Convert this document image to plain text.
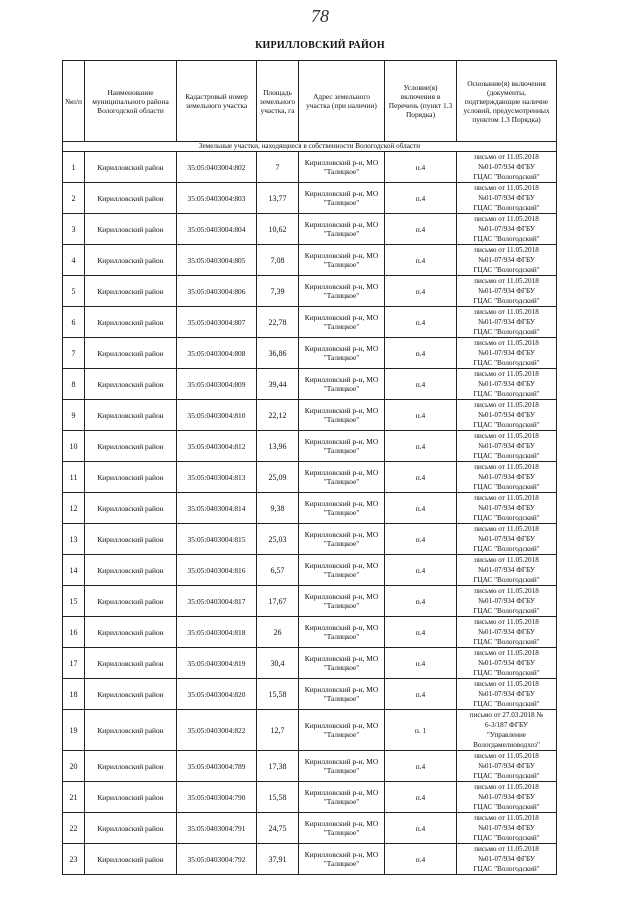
78
КИРИЛЛОВСКИЙ РАЙОН
№п/п	Наименование муниципального района Вологодской области	Кадастровый номер земельного участка	Площадь земельного участка, га	Адрес земельного участка (при наличии)	Условие(я) включения в Перечень (пункт 1.3 Порядка)	Основание(я) включения (документы, подтверждающие наличие условий, предусмотренных пунктом 1.3 Порядка)
Земельные участки, находящиеся в собственности Вологодской области						
1	Кирилловский район	35:05:0403004:802	7	Кирилловский р-н, МО "Талицкое"	п.4	письмо от 11.05.2018
№01-07/934 ФГБУ
ГЦАС "Вологодский"

2	Кирилловский район	35:05:0403004:803	13,77	Кирилловский р-н, МО "Талицкое"	п.4	письмо от 11.05.2018
№01-07/934 ФГБУ
ГЦАС "Вологодский"

3	Кирилловский район	35:05:0403004:804	10,62	Кирилловский р-н, МО "Талицкое"	п.4	письмо от 11.05.2018
№01-07/934 ФГБУ
ГЦАС "Вологодский"

4	Кирилловский район	35:05:0403004:805	7,08	Кирилловский р-н, МО "Талицкое"	п.4	письмо от 11.05.2018
№01-07/934 ФГБУ
ГЦАС "Вологодский"

5	Кирилловский район	35:05:0403004:806	7,39	Кирилловский р-н, МО "Талицкое"	п.4	письмо от 11.05.2018
№01-07/934 ФГБУ
ГЦАС "Вологодский"

6	Кирилловский район	35:05:0403004:807	22,78	Кирилловский р-н, МО "Талицкое"	п.4	письмо от 11.05.2018
№01-07/934 ФГБУ
ГЦАС "Вологодский"

7	Кирилловский район	35:05:0403004:808	36,86	Кирилловский р-н, МО "Талицкое"	п.4	письмо от 11.05.2018
№01-07/934 ФГБУ
ГЦАС "Вологодский"

8	Кирилловский район	35:05:0403004:809	39,44	Кирилловский р-н, МО "Талицкое"	п.4	письмо от 11.05.2018
№01-07/934 ФГБУ
ГЦАС "Вологодский"

9	Кирилловский район	35:05:0403004:810	22,12	Кирилловский р-н, МО "Талицкое"	п.4	письмо от 11.05.2018
№01-07/934 ФГБУ
ГЦАС "Вологодский"

10	Кирилловский район	35:05:0403004:812	13,96	Кирилловский р-н, МО "Талицкое"	п.4	письмо от 11.05.2018
№01-07/934 ФГБУ
ГЦАС "Вологодский"

11	Кирилловский район	35:05:0403004:813	25,09	Кирилловский р-н, МО "Талицкое"	п.4	письмо от 11.05.2018
№01-07/934 ФГБУ
ГЦАС "Вологодский"

12	Кирилловский район	35:05:0403004:814	9,38	Кирилловский р-н, МО "Талицкое"	п.4	письмо от 11.05.2018
№01-07/934 ФГБУ
ГЦАС "Вологодский"

13	Кирилловский район	35:05:0403004:815	25,03	Кирилловский р-н, МО "Талицкое"	п.4	письмо от 11.05.2018
№01-07/934 ФГБУ
ГЦАС "Вологодский"

14	Кирилловский район	35:05:0403004:816	6,57	Кирилловский р-н, МО "Талицкое"	п.4	письмо от 11.05.2018
№01-07/934 ФГБУ
ГЦАС "Вологодский"

15	Кирилловский район	35:05:0403004:817	17,67	Кирилловский р-н, МО "Талицкое"	п.4	письмо от 11.05.2018
№01-07/934 ФГБУ
ГЦАС "Вологодский"

16	Кирилловский район	35:05:0403004:818	26	Кирилловский р-н, МО "Талицкое"	п.4	письмо от 11.05.2018
№01-07/934 ФГБУ
ГЦАС "Вологодский"

17	Кирилловский район	35:05:0403004:819	30,4	Кирилловский р-н, МО "Талицкое"	п.4	письмо от 11.05.2018
№01-07/934 ФГБУ
ГЦАС "Вологодский"

18	Кирилловский район	35:05:0403004:820	15,58	Кирилловский р-н, МО "Талицкое"	п.4	письмо от 11.05.2018
№01-07/934 ФГБУ
ГЦАС "Вологодский"

19	Кирилловский район	35:05:0403004:822	12,7	Кирилловский р-н, МО "Талицкое"	п. 1	письмо от 27.03.2018 №
6-3/187 ФГБУ
"Управление
Вологдамелиоводхоз"

20	Кирилловский район	35:05:0403004:789	17,38	Кирилловский р-н, МО "Талицкое"	п.4	письмо от 11.05.2018
№01-07/934 ФГБУ
ГЦАС "Вологодский"

21	Кирилловский район	35:05:0403004:790	15,58	Кирилловский р-н, МО "Талицкое"	п.4	письмо от 11.05.2018
№01-07/934 ФГБУ
ГЦАС "Вологодский"

22	Кирилловский район	35:05:0403004:791	24,75	Кирилловский р-н, МО "Талицкое"	п.4	письмо от 11.05.2018
№01-07/934 ФГБУ
ГЦАС "Вологодский"

23	Кирилловский район	35:05:0403004:792	37,91	Кирилловский р-н, МО "Талицкое"	п.4	письмо от 11.05.2018
№01-07/934 ФГБУ
ГЦАС "Вологодский"
